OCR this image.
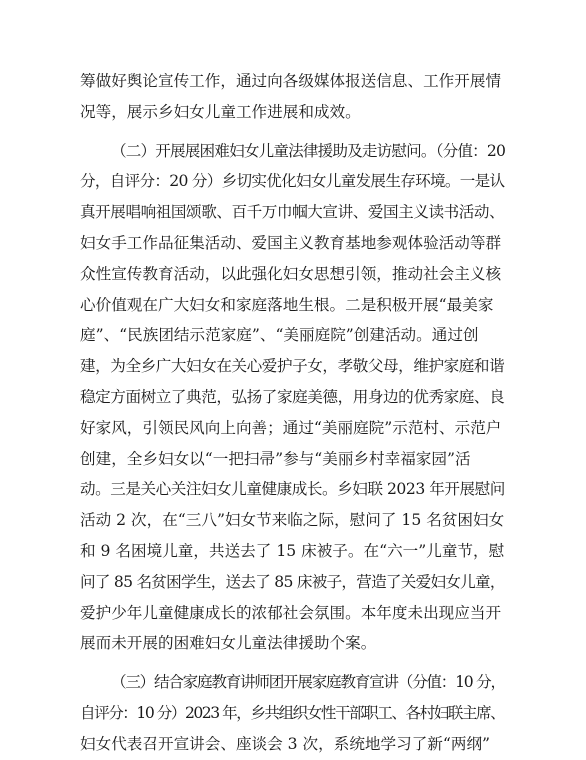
筹做好舆论宣传工作，通过向各级媒体报送信息、工作开展情
况等，展示乡妇女儿童工作进展和成效。
（二）开展展困难妇女儿童法律援助及走访慰问。（分值：20
分，自评分：20 分）乡切实优化妇女儿童发展生存环境。一是认
真开展唱响祖国颂歌、百千万巾帼大宣讲、爱国主义读书活动、
妇女手工作品征集活动、爱国主义教育基地参观体验活动等群
众性宣传教育活动，以此强化妇女思想引领，推动社会主义核
心价值观在广大妇女和家庭落地生根。二是积极开展“最美家
庭”、“民族团结示范家庭”、“美丽庭院”创建活动。通过创
建，为全乡广大妇女在关心爱护子女，孝敬父母，维护家庭和谐
稳定方面树立了典范，弘扬了家庭美德，用身边的优秀家庭、良
好家风，引领民风向上向善；通过“美丽庭院”示范村、示范户
创建，全乡妇女以“一把扫帚”参与“美丽乡村幸福家园”活
动。三是关心关注妇女儿童健康成长。乡妇联 2023 年开展慰问
活动 2 次，在“三八”妇女节来临之际，慰问了 15 名贫困妇女
和 9 名困境儿童，共送去了 15 床被子。在“六一”儿童节，慰
问了 85 名贫困学生，送去了 85 床被子，营造了关爱妇女儿童，
爱护少年儿童健康成长的浓郁社会氛围。本年度未出现应当开
展而未开展的困难妇女儿童法律援助个案。
（三）结合家庭教育讲师团开展家庭教育宣讲（分值：10 分，
自评分：10 分）2023 年，乡共组织女性干部职工、各村妇联主席、
妇女代表召开宣讲会、座谈会 3 次，系统地学习了新“两纲”
